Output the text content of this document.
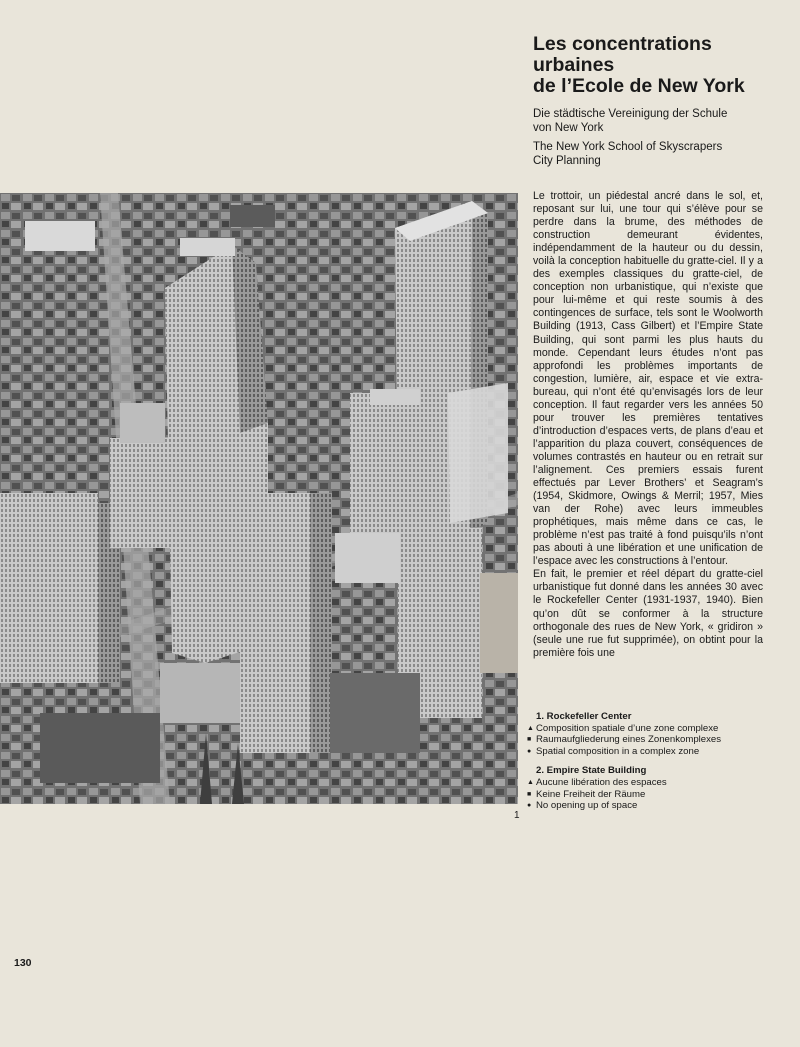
Les concentrations
urbaines
de l’Ecole de New York

Die städtische Vereinigung der Schule
von New York

The New York School of Skyscrapers
City Planning

1

Le trottoir, un piédestal ancré dans le sol, et, reposant sur lui, une tour qui s’élève pour se perdre dans la brume, des méthodes de construction demeurant évidentes, indépendamment de la hauteur ou du dessin, voilà la conception habituelle du gratte-ciel. Il y a des exemples classiques du gratte-ciel, de conception non urbanistique, qui n’existe que pour lui-même et qui reste soumis à des contingences de surface, tels sont le Woolworth Building (1913, Cass Gilbert) et l’Empire State Building, qui sont parmi les plus hauts du monde. Cependant leurs études n’ont pas approfondi les problèmes importants de congestion, lumière, air, espace et vie extra-bureau, qui n’ont été qu’envisagés lors de leur conception. Il faut regarder vers les années 50 pour trouver les premières tentatives d’introduction d’espaces verts, de plans d’eau et l’apparition du plaza couvert, conséquences de volumes contrastés en hauteur ou en retrait sur l’alignement. Ces premiers essais furent effectués par Lever Brothers’ et Seagram’s (1954, Skidmore, Owings & Merril; 1957, Mies van der Rohe) avec leurs immeubles prophétiques, mais même dans ce cas, le problème n’est pas traité à fond puisqu’ils n’ont pas abouti à une libération et une unification de l’espace avec les constructions à l’entour.

En fait, le premier et réel départ du gratte-ciel urbanistique fut donné dans les années 30 avec le Rockefeller Center (1931-1937, 1940). Bien qu’on dût se conformer à la structure orthogonale des rues de New York, « gridiron » (seule une rue fut supprimée), on obtint pour la première fois une

1. Rockefeller Center

▲ Composition spatiale d’une zone complexe

■ Raumaufgliederung eines Zonenkomplexes

● Spatial composition in a complex zone

2. Empire State Building

▲ Aucune libération des espaces

■ Keine Freiheit der Räume

● No opening up of space

130
